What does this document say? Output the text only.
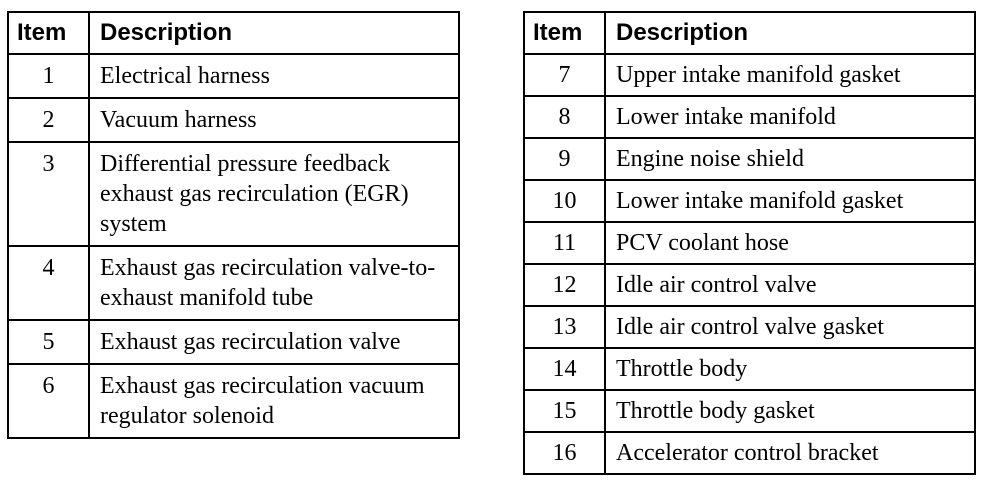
Item	Description
1	Electrical harness
2	Vacuum harness
3	Differential pressure feedback exhaust gas recirculation (EGR) system
4	Exhaust gas recirculation valve-to-exhaust manifold tube
5	Exhaust gas recirculation valve
6	Exhaust gas recirculation vacuum regulator solenoid
Item	Description
7	Upper intake manifold gasket
8	Lower intake manifold
9	Engine noise shield
10	Lower intake manifold gasket
11	PCV coolant hose
12	Idle air control valve
13	Idle air control valve gasket
14	Throttle body
15	Throttle body gasket
16	Accelerator control bracket
